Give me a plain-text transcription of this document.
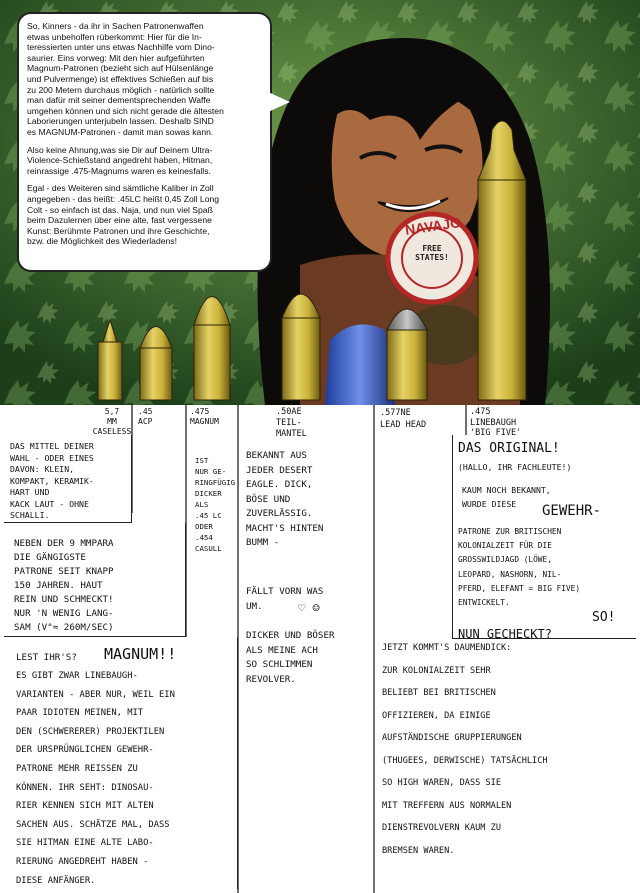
NAVAJO
FREE
STATES!

So, Kinners - da ihr in Sachen Patronenwaffen
etwas unbeholfen rüberkommt: Hier für die In-
teressierten unter uns etwas Nachhilfe vom Dino-
saurier. Eins vorweg: Mit den hier aufgeführten
Magnum-Patronen (bezieht sich auf Hülsenlänge
und Pulvermenge) ist effektives Schießen auf bis
zu 200 Metern durchaus möglich - natürlich sollte
man dafür mit seiner dementsprechenden Waffe
umgehen können und sich nicht gerade die ältesten
Laborierungen unterjubeln lassen. Deshalb SIND
es MAGNUM-Patronen - damit man sowas kann.

Also keine Ahnung,was sie Dir auf Deinem Ultra-
Violence-Schießstand angedreht haben, Hitman,
reinrassige .475-Magnums waren es keinesfalls.

Egal - des Weiteren sind sämtliche Kaliber in Zoll
angegeben - das heißt: .45LC heißt 0,45 Zoll Long
Colt - so einfach ist das. Naja, und nun viel Spaß
beim Dazulernen über eine alte, fast vergessene
Kunst: Berühmte Patronen und ihre Geschichte,
bzw. die Möglichkeit des Wiederladens!

5,7
MM
CASELESS
.45
ACP
.475
MAGNUM
.50AE
TEIL-
MANTEL
.577NE
LEAD HEAD
.475
LINEBAUGH
'BIG FIVE'
DAS MITTEL DEINER
WAHL - ODER EINES
DAVON: KLEIN,
KOMPAKT, KERAMIK-
HART UND
KACK LAUT - OHNE
SCHALLI.
NEBEN DER 9 MMPARA
DIE GÄNGIGSTE
PATRONE SEIT KNAPP
150 JAHREN. HAUT
REIN UND SCHMECKT!
NUR 'N WENIG LANG-
SAM (V°≈ 260M/SEC)
IST
NUR GE-
RINGFÜGIG
DICKER ALS
.45 LC
ODER
.454
CASULL
BEKANNT AUS
JEDER DESERT
EAGLE. DICK,
BÖSE UND
ZUVERLÄSSIG.
MACHT'S HINTEN
BUMM -
FÄLLT VORN WAS
UM.	♡ ☺
DICKER UND BÖSER
ALS MEINE ACH
SO SCHLIMMEN
REVOLVER.
DAS ORIGINAL!
(HALLO, IHR FACHLEUTE!)
KAUM NOCH BEKANNT,
WURDE DIESE	GEWEHR-
PATRONE ZUR BRITISCHEN
KOLONIALZEIT FÜR DIE
GROSSWILDJAGD (LÖWE,
LEOPARD, NASHORN, NIL-
PFERD, ELEFANT = BIG FIVE)
ENTWICKELT.
SO!
NUN GECHECKT?
LEST IHR'S?	MAGNUM!!
ES GIBT ZWAR LINEBAUGH-
VARIANTEN - ABER NUR, WEIL EIN
PAAR IDIOTEN MEINEN, MIT
DEN (SCHWERERER) PROJEKTILEN
DER URSPRÜNGLICHEN GEWEHR-
PATRONE MEHR REISSEN ZU
KÖNNEN. IHR SEHT: DINOSAU-
RIER KENNEN SICH MIT ALTEN
SACHEN AUS. SCHÄTZE MAL, DASS
SIE HITMAN EINE ALTE LABO-
RIERUNG ANGEDREHT HABEN -
DIESE ANFÄNGER.
JETZT KOMMT'S DAUMENDICK:
ZUR KOLONIALZEIT SEHR
BELIEBT BEI BRITISCHEN
OFFIZIEREN, DA EINIGE
AUFSTÄNDISCHE GRUPPIERUNGEN
(THUGEES, DERWISCHE) TATSÄCHLICH
SO HIGH WAREN, DASS SIE
MIT TREFFERN AUS NORMALEN
DIENSTREVOLVERN KAUM ZU
BREMSEN WAREN.
